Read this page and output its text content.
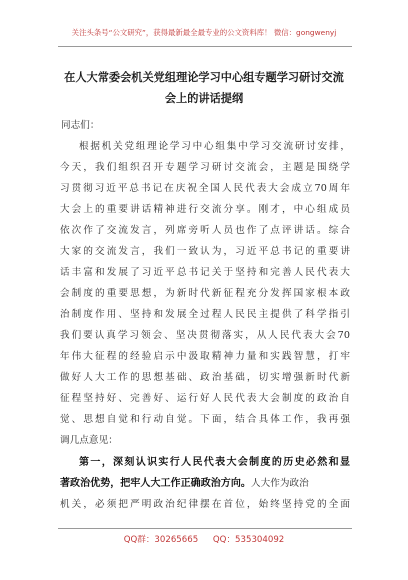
关注头条号“公文研究”，获得最新最全最专业的公文资料库！ 微信：gongwenyj
在人大常委会机关党组理论学习中心组专题学习研讨交流
会上的讲话提纲
同志们：
根据机关党组理论学习中心组集中学习交流研讨安排，
今天，我们组织召开专题学习研讨交流会，主题是围绕学
习贯彻习近平总书记在庆祝全国人民代表大会成立70周年
大会上的重要讲话精神进行交流分享。刚才，中心组成员
依次作了交流发言，列席旁听人员也作了点评讲话。综合
大家的交流发言，我们一致认为，习近平总书记的重要讲
话丰富和发展了习近平总书记关于坚持和完善人民代表大
会制度的重要思想，为新时代新征程充分发挥国家根本政
治制度作用、坚持和发展全过程人民民主提供了科学指引
我们要认真学习领会、坚决贯彻落实，从人民代表大会70
年伟大征程的经验启示中汲取精神力量和实践智慧，打牢
做好人大工作的思想基础、政治基础，切实增强新时代新
征程坚持好、完善好、运行好人民代表大会制度的政治自
觉、思想自觉和行动自觉。下面，结合具体工作，我再强
调几点意见：
第一，深刻认识实行人民代表大会制度的历史必然和显
著政治优势，把牢人大工作正确政治方向。人大作为政治
机关，必须把严明政治纪律摆在首位，始终坚持党的全面
QQ群：30265665 QQ：535304092
